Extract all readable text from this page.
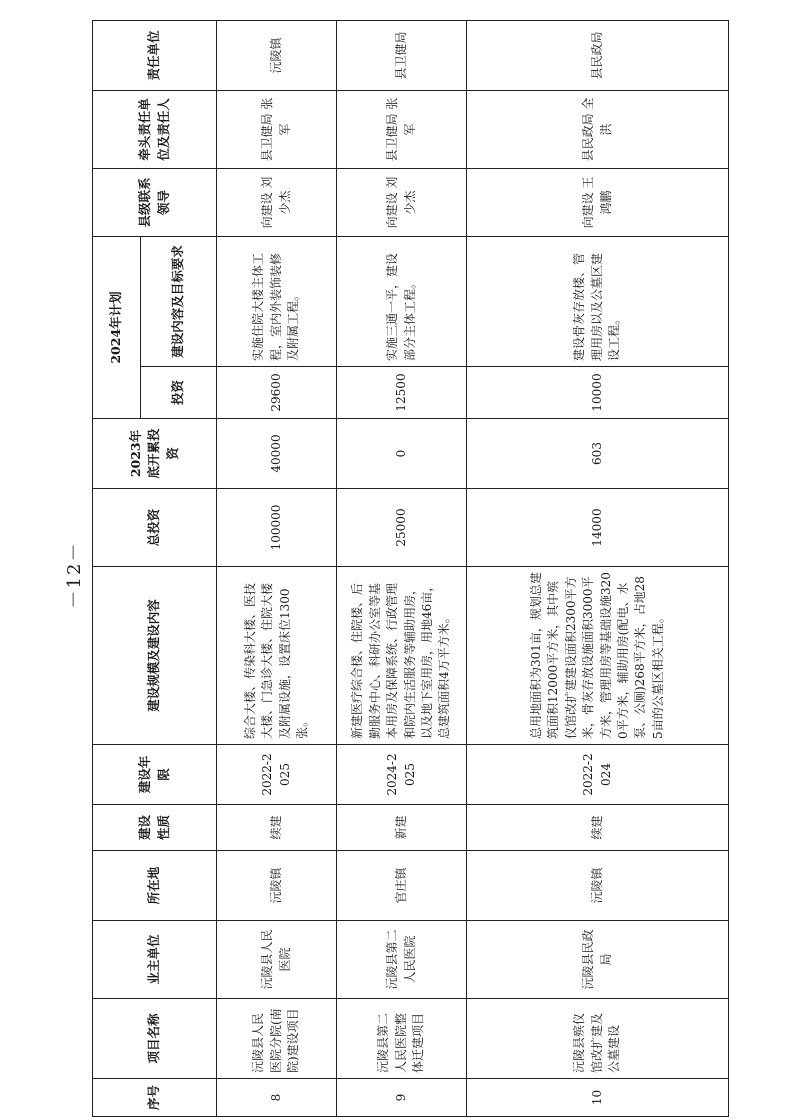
－12－
序号	项目名称	业主单位	所在地	建设性质	建设年限	建设规模及建设内容	总投资	2023年底开累投资	2024年计划		县级联系领导	牵头责任单位及责任人	责任单位
									投资	建设内容及目标要求			
8	沅陵县人民医院分院(南院)建设项目	沅陵县人民医院	沅陵镇	续建	2022-2025	综合大楼、传染科大楼、医技大楼、门急诊大楼、住院大楼及附属设施，设置床位1300张。	100000	40000	29600	实施住院大楼主体工程，室内外装饰装修及附属工程。	向建设 刘少杰	县卫健局 张军	沅陵镇
9	沅陵县第二人民医院整体迁建项目	沅陵县第二人民医院	官庄镇	新建	2024-2025	新建医疗综合楼、住院楼、后勤服务中心、科研办公室等基本用房及保障系统、行政管理和院内生活服务等辅助用房，以及地下室用房，用地46亩，总建筑面积4万平方米。	25000	0	12500	实施三通一平，建设部分主体工程。	向建设 刘少杰	县卫健局 张军	县卫健局
10	沅陵县殡仪馆改扩建及公墓建设	沅陵县民政局	沅陵镇	续建	2022-2024	总用地面积为301亩，规划总建筑面积12000平方米，其中殡仪馆改扩建建设面积2300平方米，骨灰存放设施面积3000平方米，管理用房等基础设施3200平方米，辅助用房(配电、水泵、公厕)268平方米，占地285亩的公墓区相关工程。	14000	603	10000	建设骨灰存放楼、管理用房以及公墓区建设工程。	向建设 王鸿鹏	县民政局 全洪	县民政局
